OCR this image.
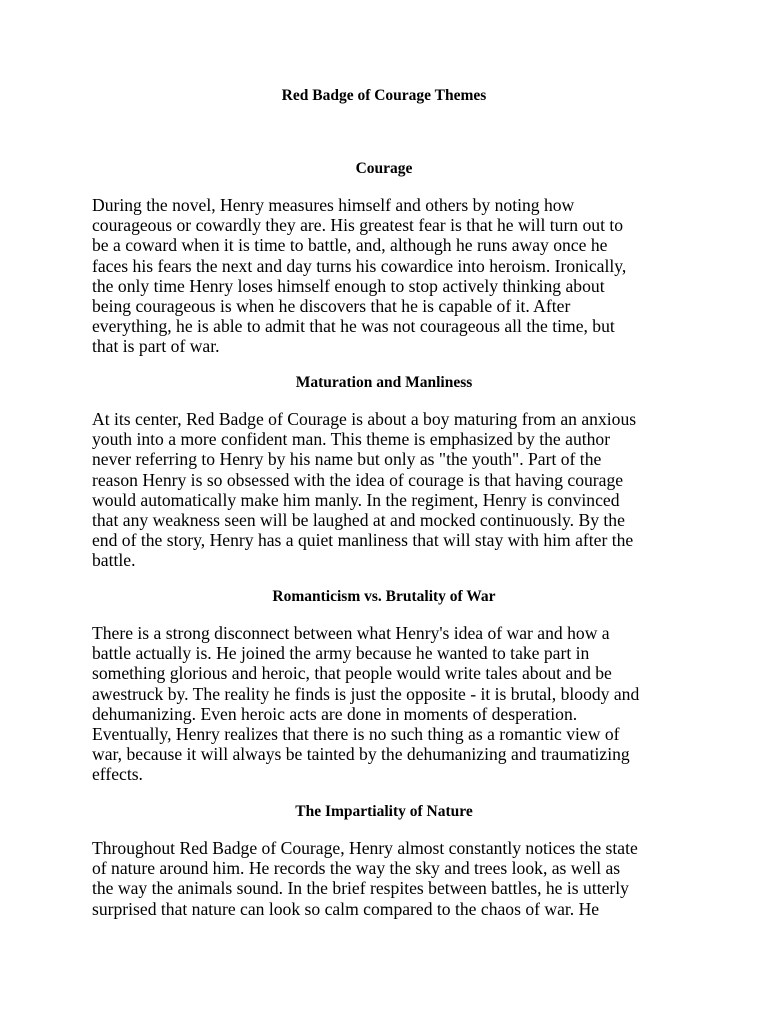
Red Badge of Courage Themes
Courage

During the novel, Henry measures himself and others by noting how
courageous or cowardly they are. His greatest fear is that he will turn out to
be a coward when it is time to battle, and, although he runs away once he
faces his fears the next and day turns his cowardice into heroism. Ironically,
the only time Henry loses himself enough to stop actively thinking about
being courageous is when he discovers that he is capable of it. After
everything, he is able to admit that he was not courageous all the time, but
that is part of war.

Maturation and Manliness

At its center, Red Badge of Courage is about a boy maturing from an anxious
youth into a more confident man. This theme is emphasized by the author
never referring to Henry by his name but only as "the youth". Part of the
reason Henry is so obsessed with the idea of courage is that having courage
would automatically make him manly. In the regiment, Henry is convinced
that any weakness seen will be laughed at and mocked continuously. By the
end of the story, Henry has a quiet manliness that will stay with him after the
battle.

Romanticism vs. Brutality of War

There is a strong disconnect between what Henry's idea of war and how a
battle actually is. He joined the army because he wanted to take part in
something glorious and heroic, that people would write tales about and be
awestruck by. The reality he finds is just the opposite - it is brutal, bloody and
dehumanizing. Even heroic acts are done in moments of desperation.
Eventually, Henry realizes that there is no such thing as a romantic view of
war, because it will always be tainted by the dehumanizing and traumatizing
effects.

The Impartiality of Nature

Throughout Red Badge of Courage, Henry almost constantly notices the state
of nature around him. He records the way the sky and trees look, as well as
the way the animals sound. In the brief respites between battles, he is utterly
surprised that nature can look so calm compared to the chaos of war. He
